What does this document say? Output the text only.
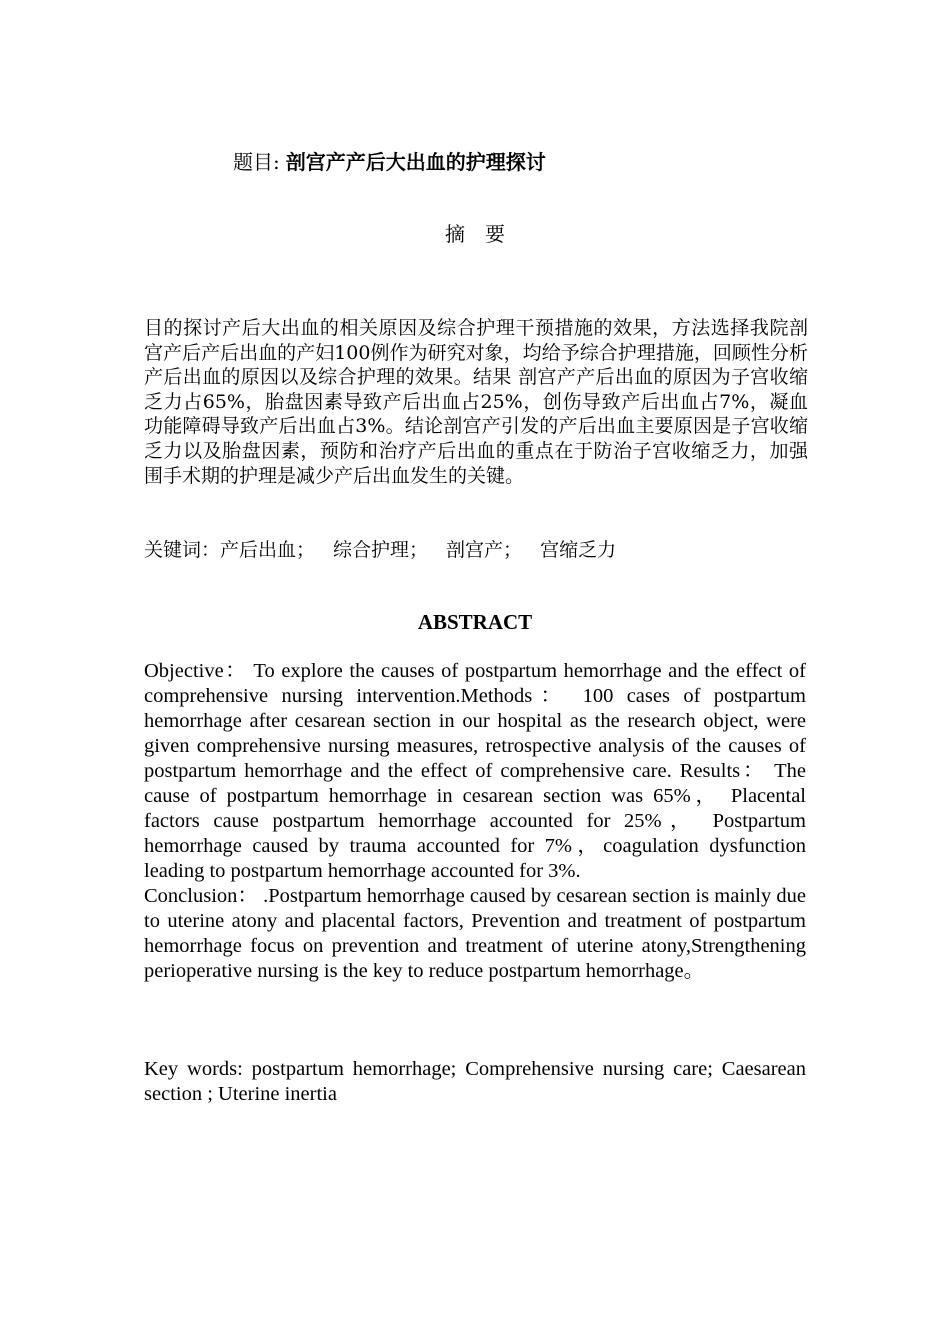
题目: 剖宫产产后大出血的护理探讨
摘要

目的探讨产后大出血的相关原因及综合护理干预措施的效果，方法选择我院剖宫产后产后出血的产妇100例作为研究对象，均给予综合护理措施，回顾性分析产后出血的原因以及综合护理的效果。结果 剖宫产产后出血的原因为子宫收缩乏力占65%，胎盘因素导致产后出血占25%，创伤导致产后出血占7%，凝血功能障碍导致产后出血占3%。结论剖宫产引发的产后出血主要原因是子宫收缩乏力以及胎盘因素，预防和治疗产后出血的重点在于防治子宫收缩乏力，加强围手术期的护理是减少产后出血发生的关键。

关键词：产后出血； 综合护理； 剖宫产； 宫缩乏力

ABSTRACT

Objective： To explore the causes of postpartum hemorrhage and the effect of comprehensive nursing intervention.Methods： 100 cases of postpartum hemorrhage after cesarean section in our hospital as the research object, were given comprehensive nursing measures, retrospective analysis of the causes of postpartum hemorrhage and the effect of comprehensive care. Results： The cause of postpartum hemorrhage in cesarean section was 65%， Placental factors cause postpartum hemorrhage accounted for 25%， Postpartum hemorrhage caused by trauma accounted for 7%，coagulation dysfunction leading to postpartum hemorrhage accounted for 3%.

Conclusion： .Postpartum hemorrhage caused by cesarean section is mainly due to uterine atony and placental factors, Prevention and treatment of postpartum hemorrhage focus on prevention and treatment of uterine atony,Strengthening perioperative nursing is the key to reduce postpartum hemorrhage。

Key words: postpartum hemorrhage; Comprehensive nursing care; Caesarean section ; Uterine inertia
